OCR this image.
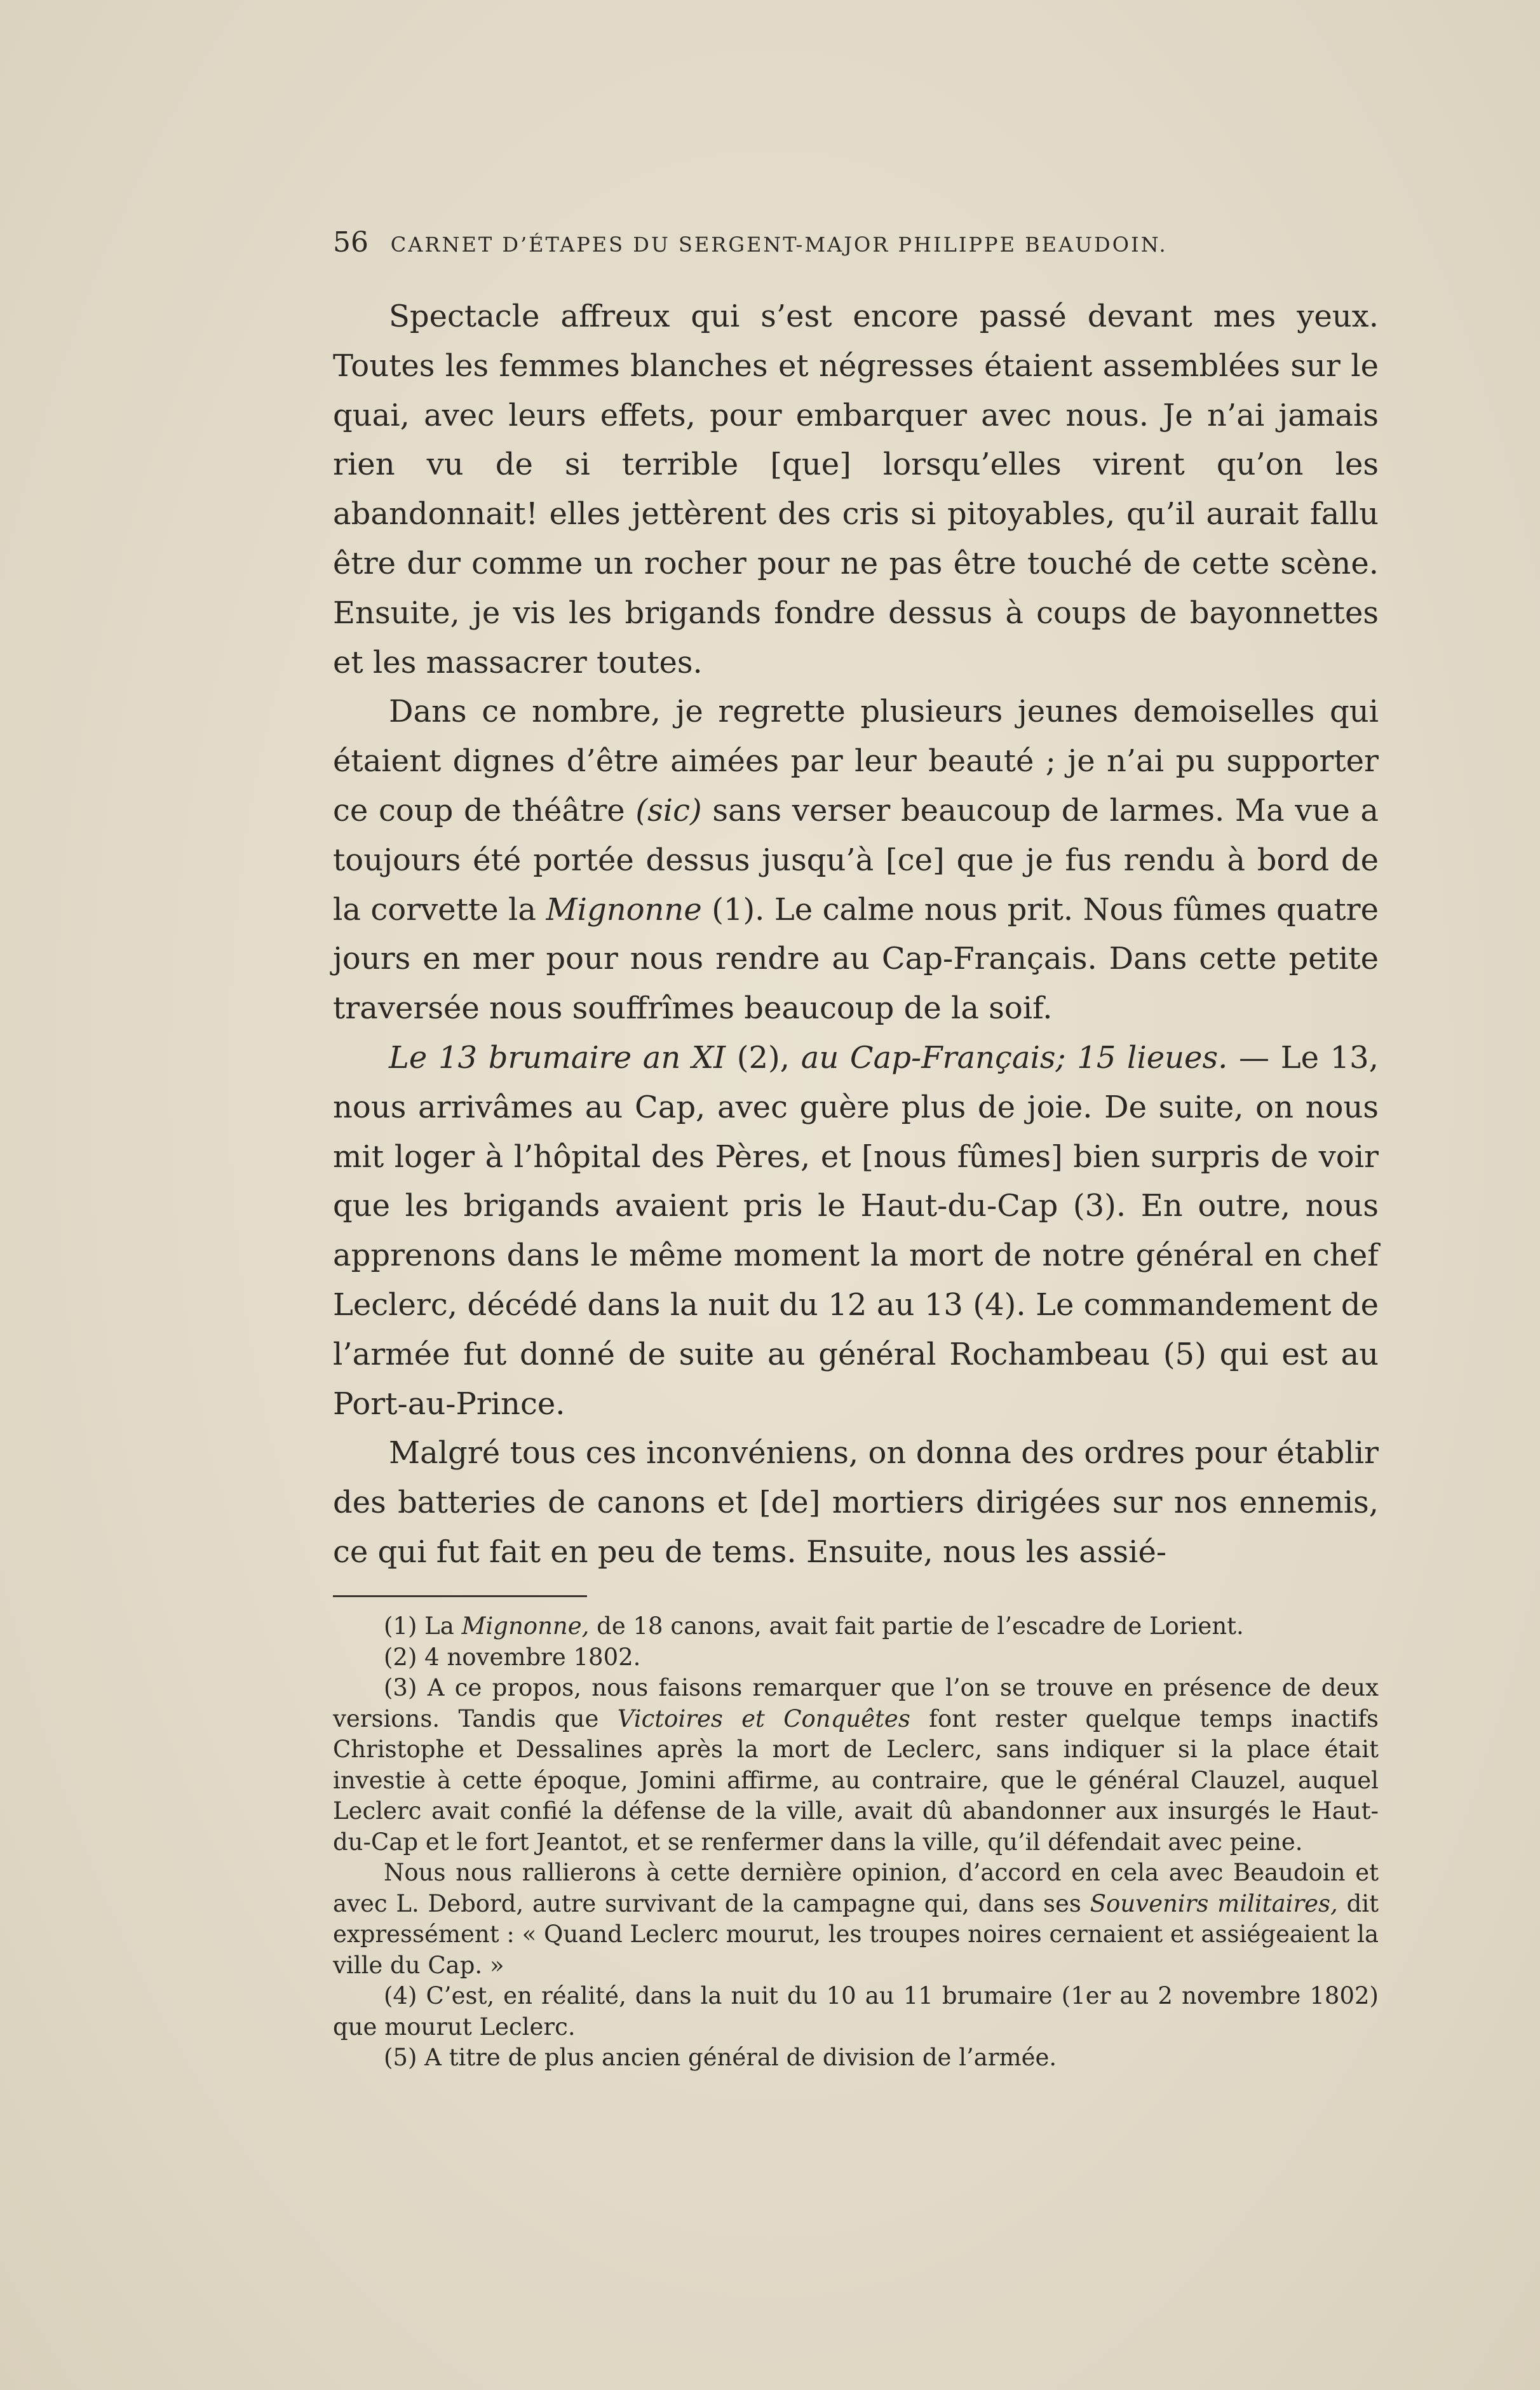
56 CARNET D’ÉTAPES DU SERGENT-MAJOR PHILIPPE BEAUDOIN.

Spectacle affreux qui s’est encore passé devant mes yeux. Toutes les femmes blanches et négresses étaient assemblées sur le quai, avec leurs effets, pour embarquer avec nous. Je n’ai jamais rien vu de si terrible [que] lorsqu’elles virent qu’on les abandonnait! elles jettèrent des cris si pitoyables, qu’il aurait fallu être dur comme un rocher pour ne pas être touché de cette scène. Ensuite, je vis les brigands fondre dessus à coups de bayonnettes et les massacrer toutes.

Dans ce nombre, je regrette plusieurs jeunes demoiselles qui étaient dignes d’être aimées par leur beauté ; je n’ai pu supporter ce coup de théâtre (sic) sans verser beaucoup de larmes. Ma vue a toujours été portée dessus jusqu’à [ce] que je fus rendu à bord de la corvette la Mignonne (1). Le calme nous prit. Nous fûmes quatre jours en mer pour nous rendre au Cap-Français. Dans cette petite traversée nous souffrîmes beaucoup de la soif.

Le 13 brumaire an XI (2), au Cap-Français; 15 lieues. — Le 13, nous arrivâmes au Cap, avec guère plus de joie. De suite, on nous mit loger à l’hôpital des Pères, et [nous fûmes] bien surpris de voir que les brigands avaient pris le Haut-du-Cap (3). En outre, nous apprenons dans le même moment la mort de notre général en chef Leclerc, décédé dans la nuit du 12 au 13 (4). Le commandement de l’armée fut donné de suite au général Rochambeau (5) qui est au Port-au-Prince.

Malgré tous ces inconvéniens, on donna des ordres pour établir des batteries de canons et [de] mortiers dirigées sur nos ennemis, ce qui fut fait en peu de tems. Ensuite, nous les assié-

(1) La Mignonne, de 18 canons, avait fait partie de l’escadre de Lorient.

(2) 4 novembre 1802.

(3) A ce propos, nous faisons remarquer que l’on se trouve en présence de deux versions. Tandis que Victoires et Conquêtes font rester quelque temps inactifs Christophe et Dessalines après la mort de Leclerc, sans indiquer si la place était investie à cette époque, Jomini affirme, au contraire, que le général Clauzel, auquel Leclerc avait confié la défense de la ville, avait dû abandonner aux insurgés le Haut-du-Cap et le fort Jeantot, et se renfermer dans la ville, qu’il défendait avec peine.

Nous nous rallierons à cette dernière opinion, d’accord en cela avec Beaudoin et avec L. Debord, autre survivant de la campagne qui, dans ses Souvenirs militaires, dit expressément : « Quand Leclerc mourut, les troupes noires cernaient et assiégeaient la ville du Cap. »

(4) C’est, en réalité, dans la nuit du 10 au 11 brumaire (1er au 2 novembre 1802) que mourut Leclerc.

(5) A titre de plus ancien général de division de l’armée.
